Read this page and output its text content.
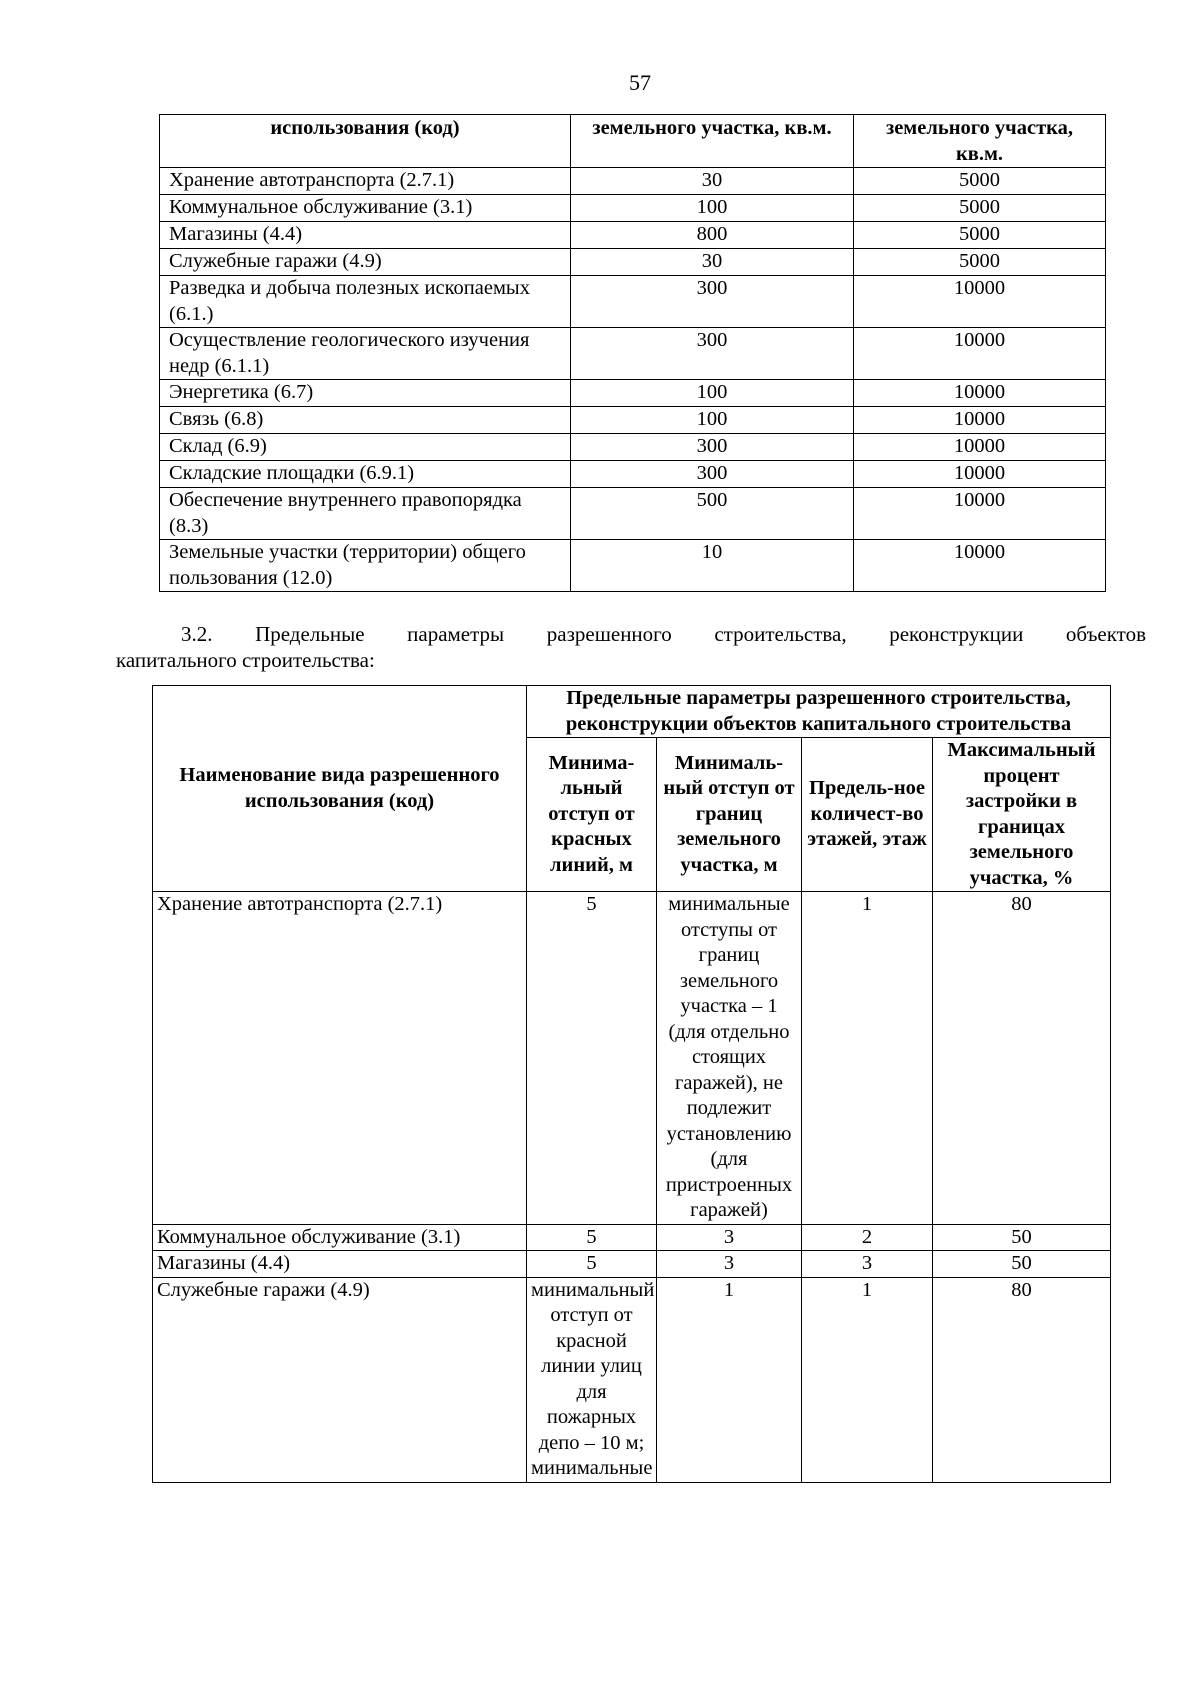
57
использования (код)	земельного участка, кв.м.	земельного участка, кв.м.
Хранение автотранспорта (2.7.1)	30	5000
Коммунальное обслуживание (3.1)	100	5000
Магазины (4.4)	800	5000
Служебные гаражи (4.9)	30	5000
Разведка и добыча полезных ископаемых (6.1.)	300	10000
Осуществление геологического изучения недр (6.1.1)	300	10000
Энергетика (6.7)	100	10000
Связь (6.8)	100	10000
Склад (6.9)	300	10000
Складские площадки (6.9.1)	300	10000
Обеспечение внутреннего правопорядка (8.3)	500	10000
Земельные участки (территории) общего пользования (12.0)	10	10000
3.2. Предельные параметры разрешенного строительства, реконструкции объектов
капитального строительства:
Наименование вида разрешенного использования (код)	Предельные параметры разрешенного строительства, реконструкции объектов капитального строительства			
	Минима-льный отступ от красных линий, м	Минималь-ный отступ от границ земельного участка, м	Предель-ное количест-во этажей, этаж	Максимальный процент застройки в границах земельного участка, %
Хранение автотранспорта (2.7.1)	5	минимальные отступы от границ земельного участка – 1 (для отдельно стоящих гаражей), не подлежит установлению (для пристроенных гаражей)	1	80
Коммунальное обслуживание (3.1)	5	3	2	50
Магазины (4.4)	5	3	3	50
Служебные гаражи (4.9)	минимальный отступ от красной линии улиц для пожарных депо – 10 м; минимальные	1	1	80
